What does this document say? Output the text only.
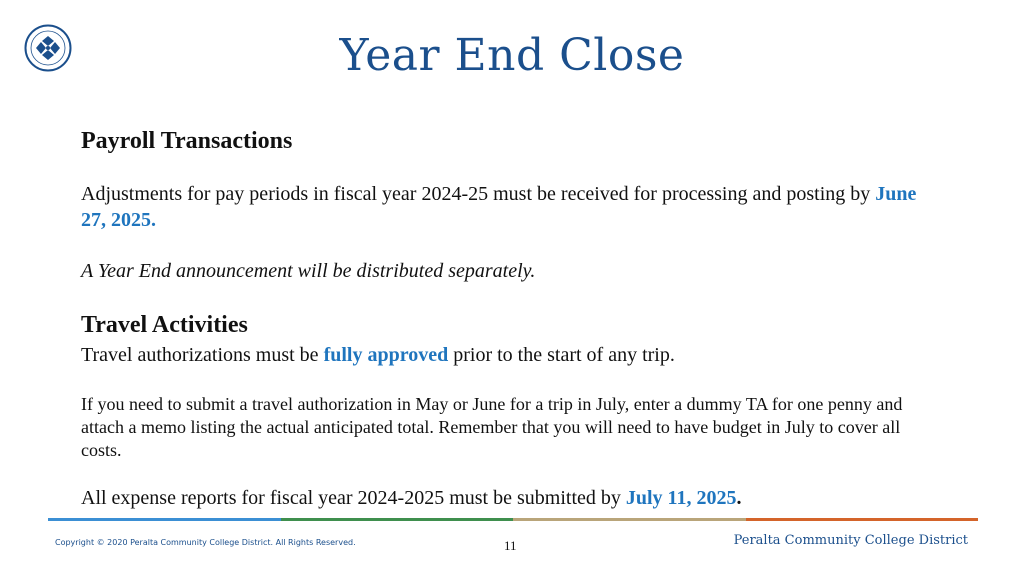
Year End Close
Payroll Transactions
Adjustments for pay periods in fiscal year 2024-25 must be received for processing and posting by June 27, 2025.
A Year End announcement will be distributed separately.
Travel Activities
Travel authorizations must be fully approved prior to the start of any trip.
If you need to submit a travel authorization in May or June for a trip in July, enter a dummy TA for one penny and attach a memo listing the actual anticipated total. Remember that you will need to have budget in July to cover all costs.
All expense reports for fiscal year 2024-2025 must be submitted by July 11, 2025.
Copyright © 2020 Peralta Community College District. All Rights Reserved.	11	Peralta Community College District
